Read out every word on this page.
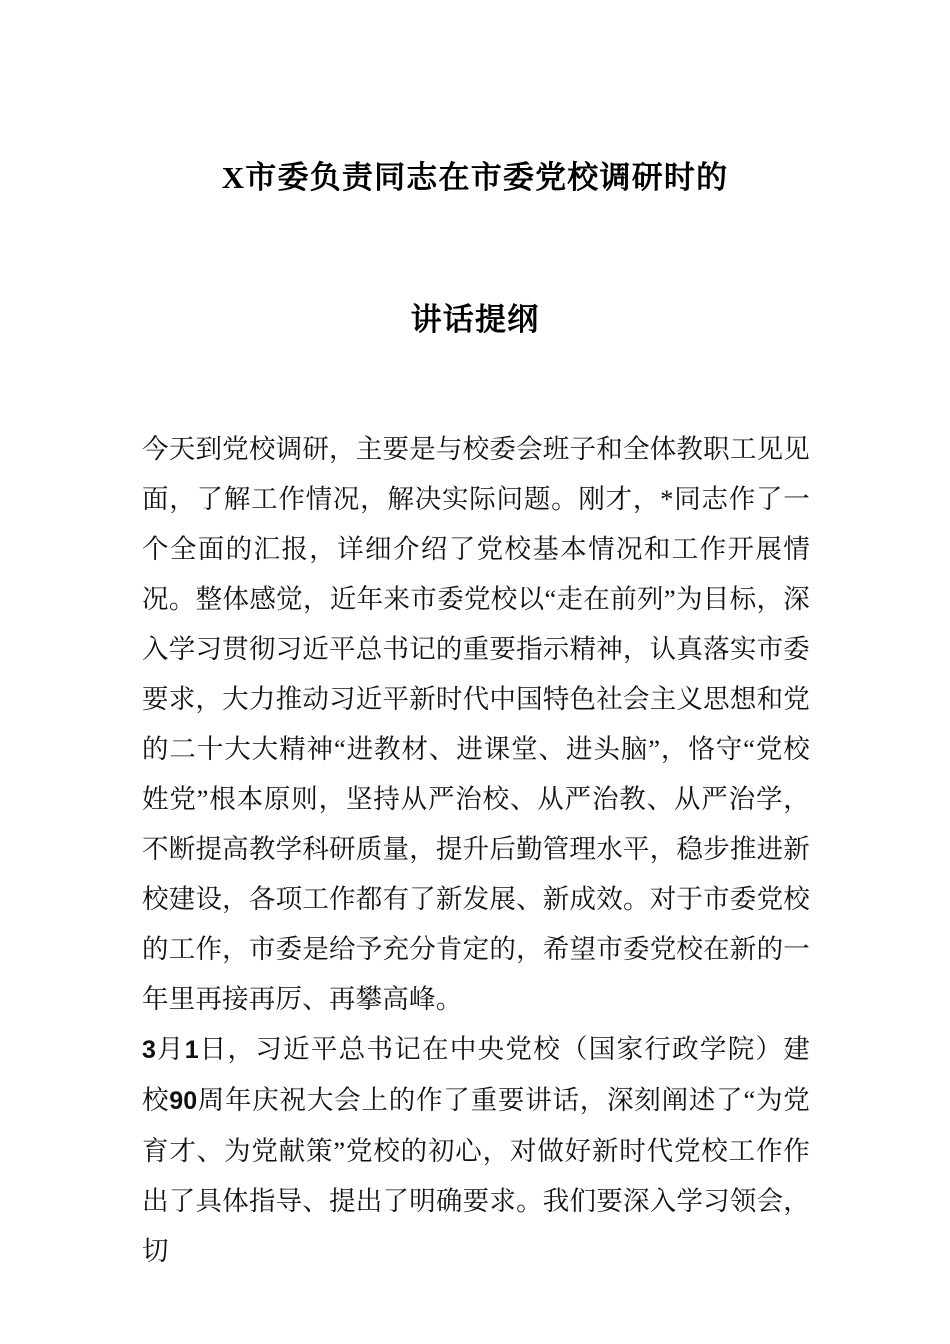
X市委负责同志在市委党校调研时的
讲话提纲

今天到党校调研，主要是与校委会班子和全体教职工见见面，了解工作情况，解决实际问题。刚才，*同志作了一个全面的汇报，详细介绍了党校基本情况和工作开展情况。整体感觉，近年来市委党校以“走在前列”为目标，深入学习贯彻习近平总书记的重要指示精神，认真落实市委要求，大力推动习近平新时代中国特色社会主义思想和党的二十大大精神“进教材、进课堂、进头脑”，恪守“党校姓党”根本原则，坚持从严治校、从严治教、从严治学，不断提高教学科研质量，提升后勤管理水平，稳步推进新校建设，各项工作都有了新发展、新成效。对于市委党校的工作，市委是给予充分肯定的，希望市委党校在新的一年里再接再厉、再攀高峰。

3月1日，习近平总书记在中央党校（国家行政学院）建校90周年庆祝大会上的作了重要讲话，深刻阐述了“为党育才、为党献策”党校的初心，对做好新时代党校工作作出了具体指导、提出了明确要求。我们要深入学习领会，切
